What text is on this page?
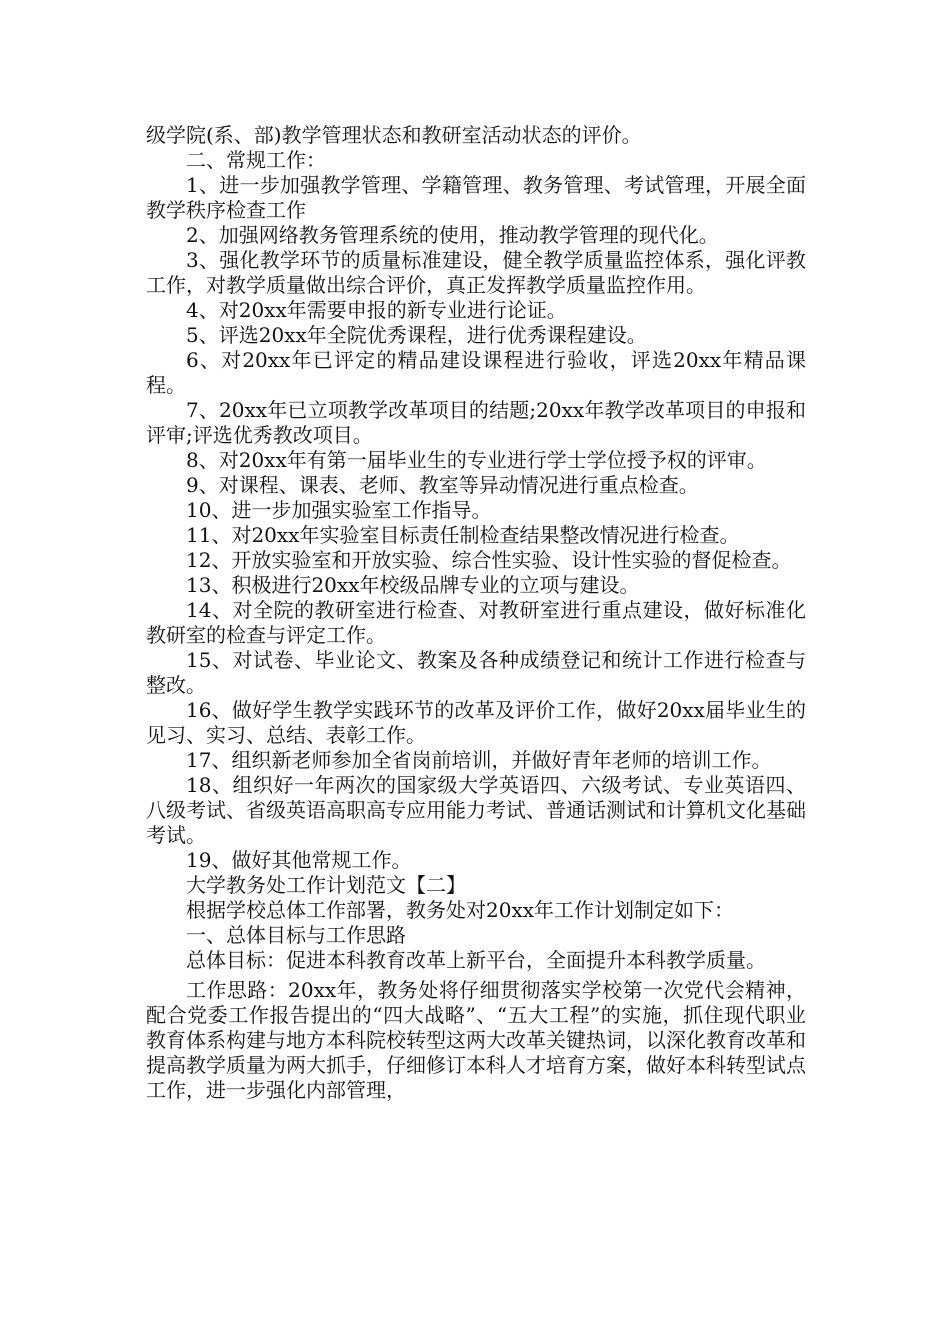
级学院(系、部)教学管理状态和教研室活动状态的评价。

二、常规工作：

1、进一步加强教学管理、学籍管理、教务管理、考试管理，开展全面教学秩序检查工作

2、加强网络教务管理系统的使用，推动教学管理的现代化。

3、强化教学环节的质量标准建设，健全教学质量监控体系，强化评教工作，对教学质量做出综合评价，真正发挥教学质量监控作用。

4、对20xx年需要申报的新专业进行论证。

5、评选20xx年全院优秀课程，进行优秀课程建设。

6、对20xx年已评定的精品建设课程进行验收，评选20xx年精品课程。

7、20xx年已立项教学改革项目的结题;20xx年教学改革项目的申报和评审;评选优秀教改项目。

8、对20xx年有第一届毕业生的专业进行学士学位授予权的评审。

9、对课程、课表、老师、教室等异动情况进行重点检查。

10、进一步加强实验室工作指导。

11、对20xx年实验室目标责任制检查结果整改情况进行检查。

12、开放实验室和开放实验、综合性实验、设计性实验的督促检查。

13、积极进行20xx年校级品牌专业的立项与建设。

14、对全院的教研室进行检查、对教研室进行重点建设，做好标准化教研室的检查与评定工作。

15、对试卷、毕业论文、教案及各种成绩登记和统计工作进行检查与整改。

16、做好学生教学实践环节的改革及评价工作，做好20xx届毕业生的见习、实习、总结、表彰工作。

17、组织新老师参加全省岗前培训，并做好青年老师的培训工作。

18、组织好一年两次的国家级大学英语四、六级考试、专业英语四、八级考试、省级英语高职高专应用能力考试、普通话测试和计算机文化基础考试。

19、做好其他常规工作。

大学教务处工作计划范文【二】

根据学校总体工作部署，教务处对20xx年工作计划制定如下：

一、总体目标与工作思路

总体目标：促进本科教育改革上新平台，全面提升本科教学质量。

工作思路：20xx年，教务处将仔细贯彻落实学校第一次党代会精神，配合党委工作报告提出的“四大战略”、“五大工程”的实施，抓住现代职业教育体系构建与地方本科院校转型这两大改革关键热词，以深化教育改革和提高教学质量为两大抓手，仔细修订本科人才培育方案，做好本科转型试点工作，进一步强化内部管理，
